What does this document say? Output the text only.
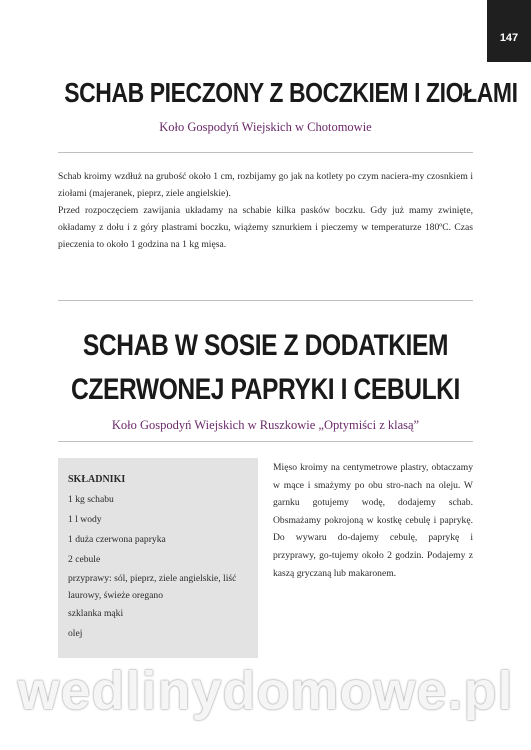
147
SCHAB PIECZONY Z BOCZKIEM I ZIOŁAMI
Koło Gospodyń Wiejskich w Chotomowie

Schab kroimy wzdłuż na grubość około 1 cm, rozbijamy go jak na kotlety po czym naciera-my czosnkiem i ziołami (majeranek, pieprz, ziele angielskie).

Przed rozpoczęciem zawijania układamy na schabie kilka pasków boczku. Gdy już mamy zwinięte, okładamy z dołu i z góry plastrami boczku, wiążemy sznurkiem i pieczemy w temperaturze 180ºC. Czas pieczenia to około 1 godzina na 1 kg mięsa.

SCHAB W SOSIE Z DODATKIEM
CZERWONEJ PAPRYKI I CEBULKI
Koło Gospodyń Wiejskich w Ruszkowie „Optymiści z klasą”

SKŁADNIKI

1 kg schabu
1 l wody
1 duża czerwona papryka
2 cebule
przyprawy: sól, pieprz, ziele angielskie, liść laurowy, świeże oregano
szklanka mąki
olej
Mięso kroimy na centymetrowe plastry, obtaczamy w mące i smażymy po obu stro-nach na oleju. W garnku gotujemy wodę, dodajemy schab. Obsmażamy pokrojoną w kostkę cebulę i paprykę. Do wywaru do-dajemy cebulę, paprykę i przyprawy, go-tujemy około 2 godzin. Podajemy z kaszą gryczaną lub makaronem.
wedlinydomowe.pl
